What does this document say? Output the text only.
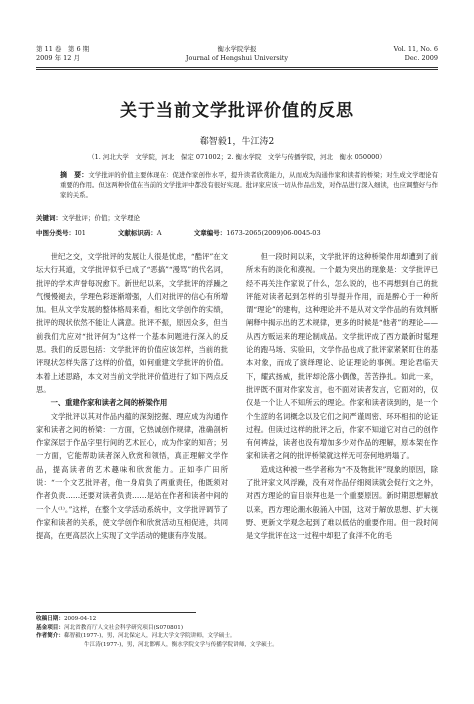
第 11 卷　第 6 期
2009 年 12 月
衡水学院学报
Journal of Hengshui University
Vol. 11, No. 6
Dec. 2009
关于当前文学批评价值的反思
郗智毅1，牛江涛2
（1. 河北大学　文学院，河北　保定 071002；2. 衡水学院　文学与传播学院，河北　衡水 050000）
摘　要：文学批评的价值主要体现在：促进作家创作水平，提升读者欣赏能力，从而成为沟通作家和读者的桥梁；对生成文学理论有重要的作用。但这两种价值在当前的文学批评中都没有很好实现。批评家应该一切从作品出发，对作品进行深入细读，也应调整好与作家的关系。
关键词：文学批评；价值；文学理论
中图分类号：I01	文献标识码：A	文章编号：1673-2065(2009)06-0045-03

世纪之交，文学批评的发展让人很是忧虑，“酷评”在文坛大行其道，文学批评似乎已成了“恶搞”“漫骂”的代名词，批评的学术声誉每况愈下。新世纪以来，文学批评的浮躁之气慢慢褪去，学理色彩逐渐增强，人们对批评的信心有所增加。但从文学发展的整体格局来看，相比文学创作的实绩，批评的现状依然不能让人满意。批评不振，原因众多，但当前我们尤应对“批评何为”这样一个基本问题进行深入的反思。我们的反思包括：文学批评的价值应该怎样，当前的批评现状怎样失落了这样的价值，如何重建文学批评的价值。本着上述思路，本文对当前文学批评价值进行了如下两点反思。

一、重建作家和读者之间的桥梁作用

文学批评以其对作品内蕴的深刻挖掘、理应成为沟通作家和读者之间的桥梁：一方面，它热诚创作规律，准确剖析作家深层于作品字里行间的艺术匠心，成为作家的知音；另一方面，它能帮助读者深入欣赏和领悟，真正理解文学作品，提高读者的艺术趣味和欣赏能力。正如李广田所说：“一个文艺批评者，他一身肩负了两重责任，他既须对作者负责……还要对读者负责……是站在作者和读者中间的一个人⁽¹⁾。”这样，在整个文学活动系统中，文学批评调节了作家和读者的关系，使文学创作和欣赏活动互相促进，共同提高，在更高层次上实现了文学活动的健康有序发展。

但一段时间以来，文学批评的这种桥梁作用却遭到了前所未有的淡化和漠视。一个最为突出的现象是：文学批评已经不再关注作家说了什么，怎么说的，也不再想到自己的批评能对读者起到怎样的引导提升作用，而是醉心于一种所谓“理论”的建构，这种理论并不是从对文学作品的有效判断阐释中揭示出的艺术规律，更多的时候是“他者”的理论——从西方贩运来的理论制成品。文学批评成了西方最新时髦理论的跑马场、实验田，文学作品也成了批评家紧紧盯住的基本对象，而成了演绎理论、论证理论的事例。理论君临天下，耀武扬威，批评却沦落小偶像，苦苦挣扎。如此一来，批评既不面对作家发言，也不面对读者发言，它面对的，仅仅是一个让人不知所云的理论。作家和读者读到的，是一个个生涩的名词概念以及它们之间严谨周密、环环相扣的论证过程。但读过这样的批评之后，作家不知道它对自己的创作有何裨益，读者也没有增加多少对作品的理解，原本架在作家和读者之间的批评桥梁就这样无可奈何地坍塌了。

造成这种被一些学者称为“不及物批评”现象的原因，除了批评家文风浮躁，没有对作品仔细阅读就会促行文之外，对西方理论的盲目崇拜也是一个重要原因。新时期思想解放以来，西方理论潮水般涌入中国，这对于解放思想、扩大视野、更新文学观念起到了难以低估的重要作用。但一段时间是文学批评在这一过程中却犯了食洋不化的毛

收稿日期：2009-04-12
基金项目：河北省教育厅人文社会科学研究项目(S070801)
作者简介：郗智毅(1977-)，男，河北保定人，河北大学文学院讲师，文学硕士。
牛江涛(1977-)，男，河北邯郸人，衡水学院文学与传播学院讲师，文学硕士。
